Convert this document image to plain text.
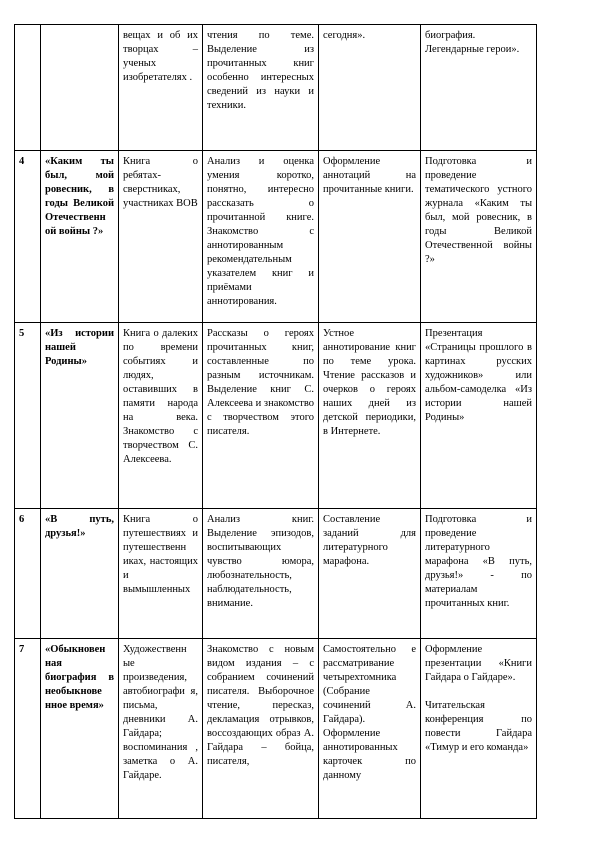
		вещах и об их творцах – ученых изобретателях .	чтения по теме. Выделение из прочитанных книг особенно интересных сведений из науки и техники.	сегодня».	биография. Легендарные герои».

4	«Каким ты был, мой ровесник, в годы Великой Отечественн ой войны ?»	Книга о ребятах-сверстниках, участниках ВОВ	Анализ и оценка умения коротко, понятно, интересно рассказать о прочитанной книге. Знакомство с аннотированным рекомендательным указателем книг и приёмами аннотирования.	Оформление аннотаций на прочитанные книги.	Подготовка и проведение тематического устного журнала «Каким ты был, мой ровесник, в годы Великой Отечественной войны ?»

5	«Из истории нашей Родины»	Книга о далеких по времени событиях и людях, оставивших в памяти народа на века. Знакомство с творчеством С. Алексеева.	Рассказы о героях прочитанных книг, составленные по разным источникам. Выделение книг С. Алексеева и знакомство с творчеством этого писателя.	Устное аннотирование книг по теме урока. Чтение рассказов и очерков о героях наших дней из детской периодики, в Интернете.	Презентация «Страницы прошлого в картинах русских художников» или альбом-самоделка «Из истории нашей Родины»

6	«В путь, друзья!»	Книга о путешествиях и путешественн иках, настоящих и вымышленных	Анализ книг. Выделение эпизодов, воспитывающих чувство юмора, любознательность, наблюдательность, внимание.	Составление заданий для литературного марафона.	Подготовка и проведение литературного марафона «В путь, друзья!» - по материалам прочитанных книг.

7	«Обыкновен ная биография в необыкнове нное время»	Художественн ые произведения, автобиографи я, письма, дневники А. Гайдара; воспоминания , заметка о А. Гайдаре.	Знакомство с новым видом издания – с собранием сочинений писателя. Выборочное чтение, пересказ, декламация отрывков, воссоздающих образ А. Гайдара – бойца, писателя,	Самостоятельно е рассматривание четырехтомника (Собрание сочинений А. Гайдара). Оформление аннотированных карточек по данному	Оформление презентации «Книги Гайдара о Гайдаре».

Читательская конференция по повести Гайдара «Тимур и его команда»
